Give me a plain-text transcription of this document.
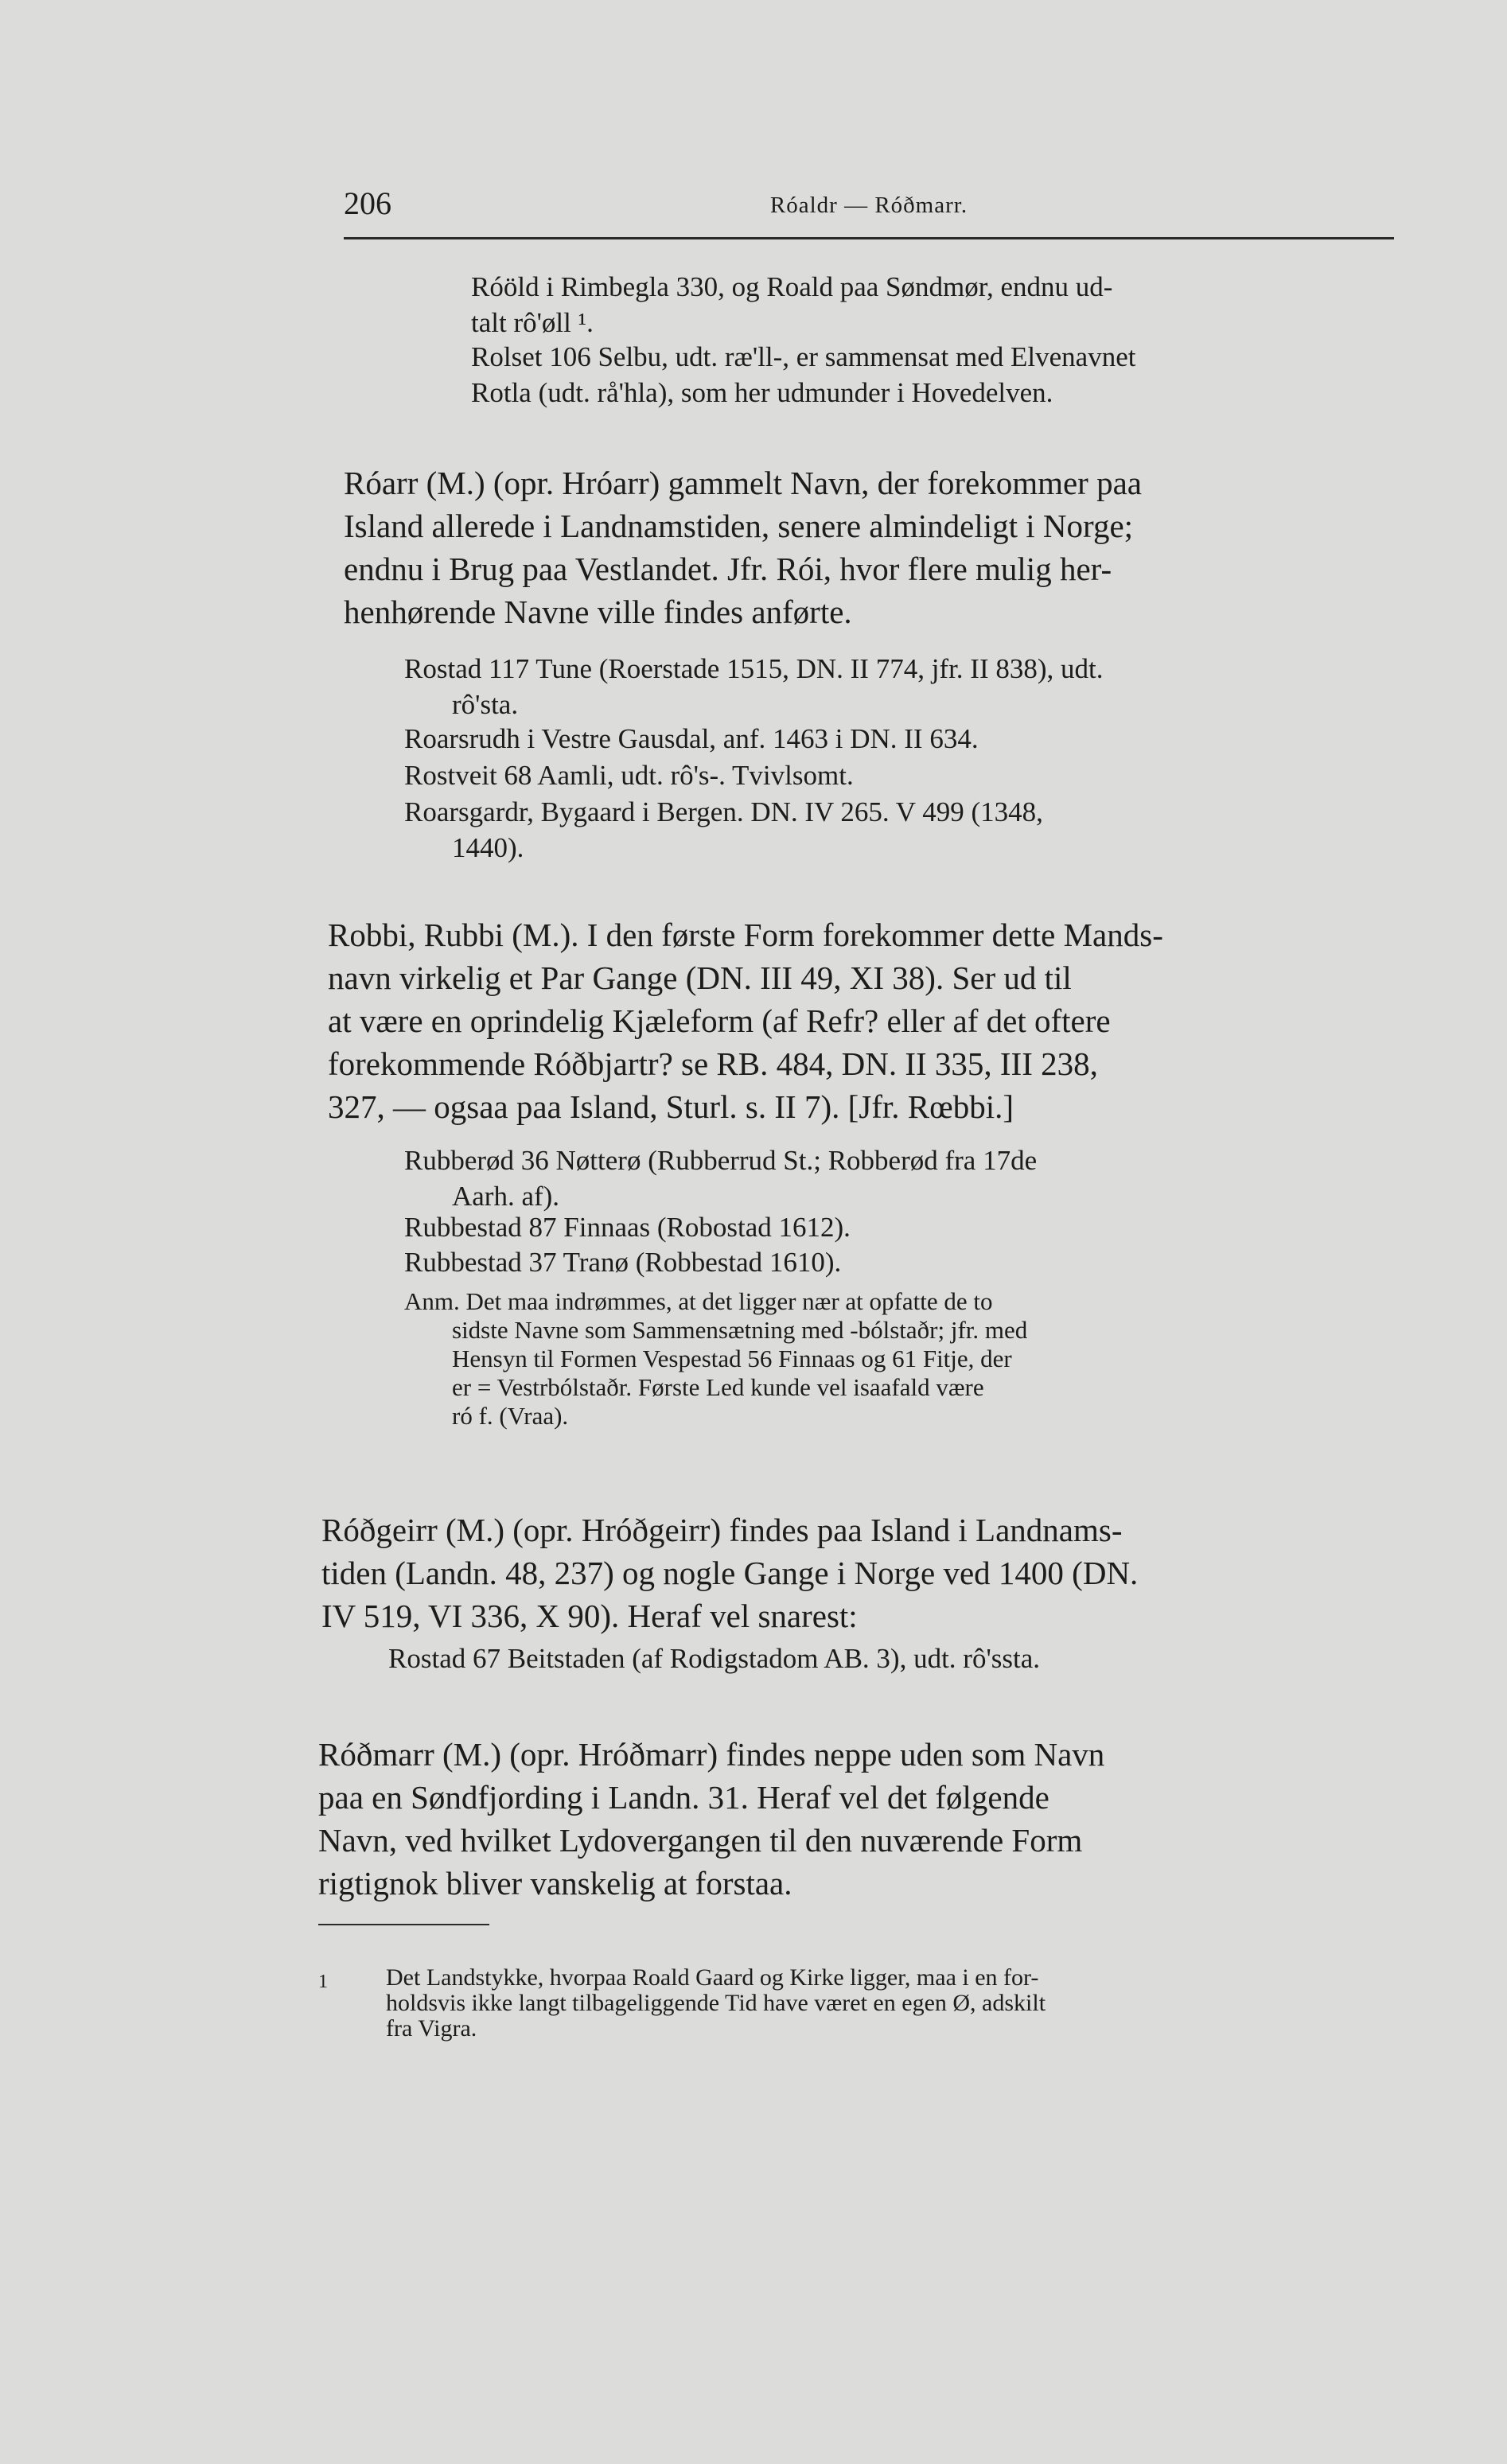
206	Róaldr — Róðmarr.
Róöld i Rimbegla 330, og Roald paa Søndmør, endnu ud-
talt rô'øll ¹.
Rolset 106 Selbu, udt. ræ'll-, er sammensat med Elvenavnet
Rotla (udt. rå'hla), som her udmunder i Hovedelven.
Róarr (M.) (opr. Hróarr) gammelt Navn, der forekommer paa
Island allerede i Landnamstiden, senere almindeligt i Norge;
endnu i Brug paa Vestlandet. Jfr. Rói, hvor flere mulig her-
henhørende Navne ville findes anførte.
Rostad 117 Tune (Roerstade 1515, DN. II 774, jfr. II 838), udt.
rô'sta.
Roarsrudh i Vestre Gausdal, anf. 1463 i DN. II 634.
Rostveit 68 Aamli, udt. rô's-. Tvivlsomt.
Roarsgardr, Bygaard i Bergen. DN. IV 265. V 499 (1348,
1440).
Robbi, Rubbi (M.). I den første Form forekommer dette Mands-
navn virkelig et Par Gange (DN. III 49, XI 38). Ser ud til
at være en oprindelig Kjæleform (af Refr? eller af det oftere
forekommende Róðbjartr? se RB. 484, DN. II 335, III 238,
327, — ogsaa paa Island, Sturl. s. II 7). [Jfr. Rœbbi.]
Rubberød 36 Nøtterø (Rubberrud St.; Robberød fra 17de
Aarh. af).
Rubbestad 87 Finnaas (Robostad 1612).
Rubbestad 37 Tranø (Robbestad 1610).
Anm. Det maa indrømmes, at det ligger nær at opfatte de to
sidste Navne som Sammensætning med -bólstaðr; jfr. med
Hensyn til Formen Vespestad 56 Finnaas og 61 Fitje, der
er = Vestrbólstaðr. Første Led kunde vel isaafald være
ró f. (Vraa).
Róðgeirr (M.) (opr. Hróðgeirr) findes paa Island i Landnams-
tiden (Landn. 48, 237) og nogle Gange i Norge ved 1400 (DN.
IV 519, VI 336, X 90). Heraf vel snarest:
Rostad 67 Beitstaden (af Rodigstadom AB. 3), udt. rô'ssta.
Róðmarr (M.) (opr. Hróðmarr) findes neppe uden som Navn
paa en Søndfjording i Landn. 31. Heraf vel det følgende
Navn, ved hvilket Lydovergangen til den nuværende Form
rigtignok bliver vanskelig at forstaa.
1 Det Landstykke, hvorpaa Roald Gaard og Kirke ligger, maa i en for-
holdsvis ikke langt tilbageliggende Tid have været en egen Ø, adskilt
fra Vigra.
